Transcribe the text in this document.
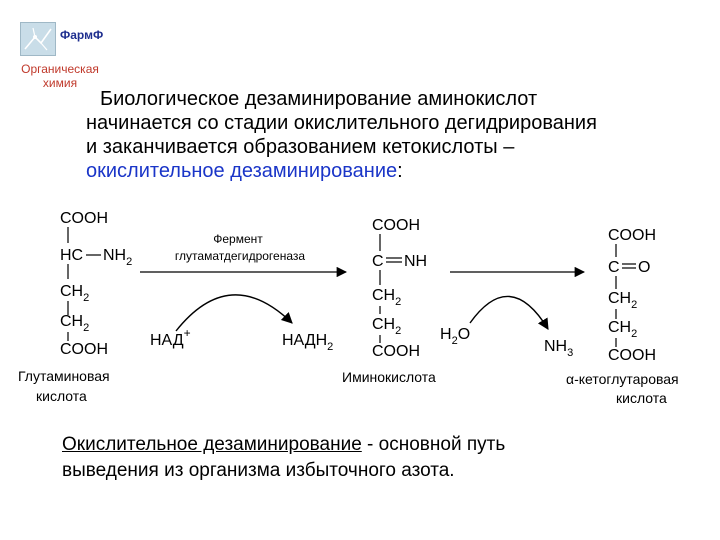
ФармФ
Органическая
химия
Биологическое дезаминирование аминокислот
начинается со стадии окислительного дегидрирования
и заканчивается образованием кетокислоты –
окислительное дезаминирование:
COOH
HC $NH_2$
$CH_2$
$CH_2$
COOH
Глутаминовая
кислота
Фермент
глутаматдегидрогеназа
НАД+	$НАДН_2$
COOH
C NH
$CH_2$
$CH_2$
COOH
Иминокислота
$H_2O$
$NH_3$
COOH
C O
$CH_2$
$CH_2$
COOH
α-кетоглутаровая
кислота
Окислительное дезаминирование - основной путь
выведения из организма избыточного азота.
